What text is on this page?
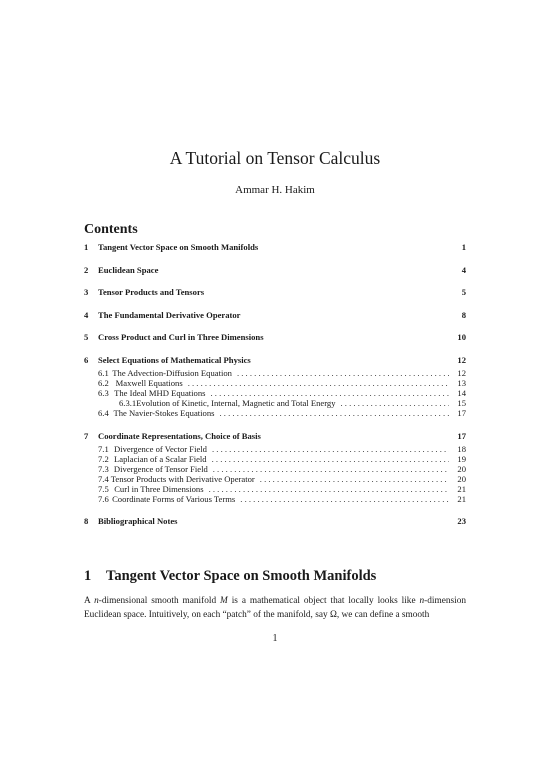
A Tutorial on Tensor Calculus
Ammar H. Hakim
Contents
1	Tangent Vector Space on Smooth Manifolds	1
2	Euclidean Space	4
3	Tensor Products and Tensors	5
4	The Fundamental Derivative Operator	8
5	Cross Product and Curl in Three Dimensions	10
6	Select Equations of Mathematical Physics	12
6.1 The Advection-Diffusion Equation . . .	12
6.2 Maxwell Equations . . .	13
6.3 The Ideal MHD Equations . . .	14
6.3.1 Evolution of Kinetic, Internal, Magnetic and Total Energy . . .	15
6.4 The Navier-Stokes Equations . . .	17
7	Coordinate Representations, Choice of Basis	17
7.1 Divergence of Vector Field . . .	18
7.2 Laplacian of a Scalar Field . . .	19
7.3 Divergence of Tensor Field . . .	20
7.4 Tensor Products with Derivative Operator . . .	20
7.5 Curl in Three Dimensions . . .	21
7.6 Coordinate Forms of Various Terms . . .	21
8	Bibliographical Notes	23
1 Tangent Vector Space on Smooth Manifolds
A n-dimensional smooth manifold M is a mathematical object that locally looks like n-dimension Euclidean space. Intuitively, on each “patch” of the manifold, say Ω, we can define a smooth
1
